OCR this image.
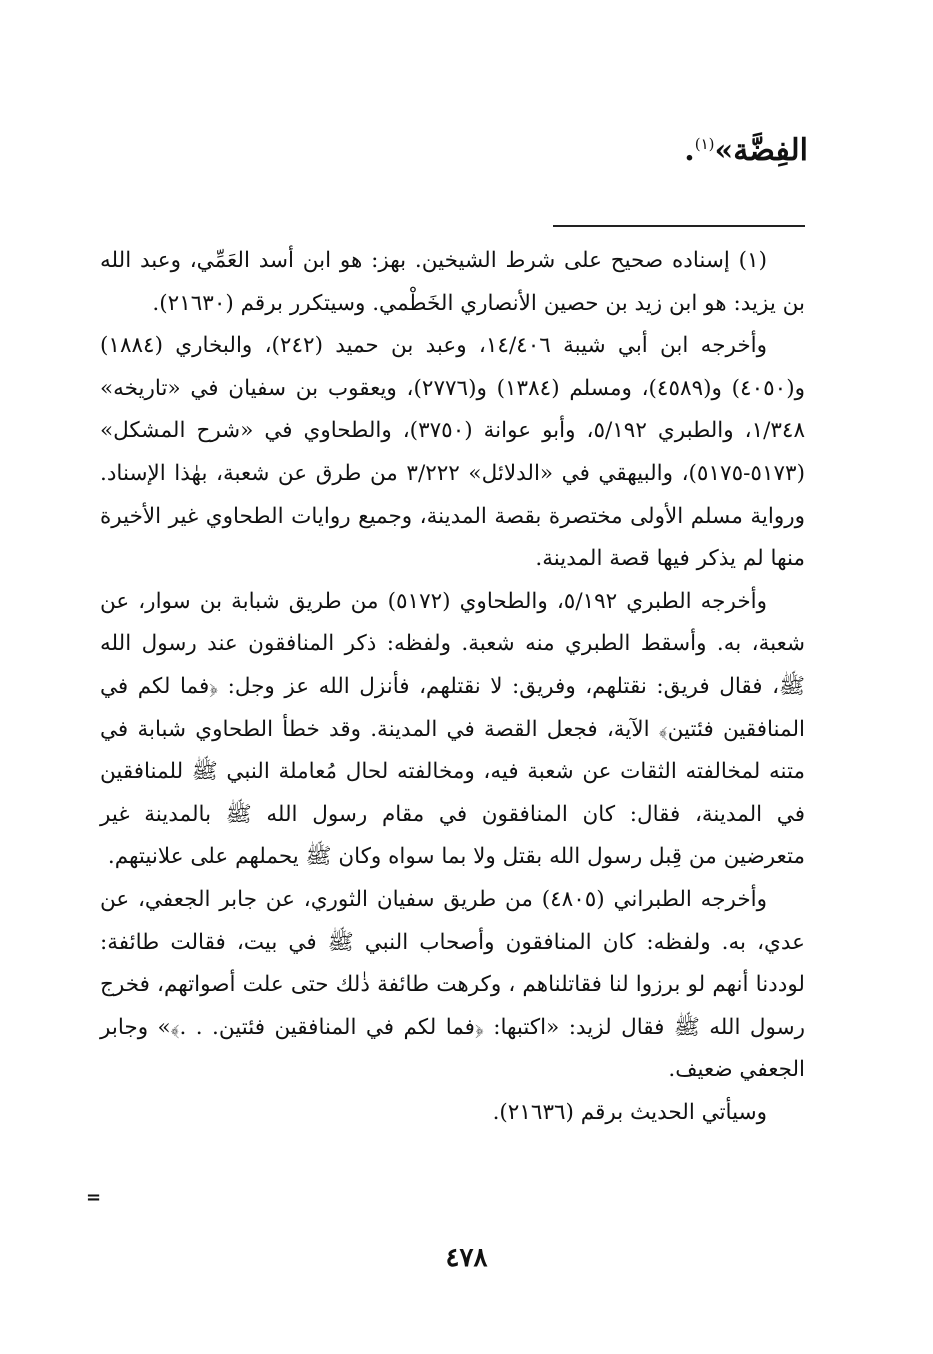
الفِضَّة»$^{(١)}$.

(١) إسناده صحيح على شرط الشيخين. بهز: هو ابن أسد العَمِّي، وعبد الله بن يزيد: هو ابن زيد بن حصين الأنصاري الخَطْمي. وسيتكرر برقم (٢١٦٣٠).

وأخرجه ابن أبي شيبة ١٤/٤٠٦، وعبد بن حميد (٢٤٢)، والبخاري (١٨٨٤) و(٤٠٥٠) و(٤٥٨٩)، ومسلم (١٣٨٤) و(٢٧٧٦)، ويعقوب بن سفيان في «تاريخه» ١/٣٤٨، والطبري ٥/١٩٢، وأبو عوانة (٣٧٥٠)، والطحاوي في «شرح المشكل» (٥١٧٣-٥١٧٥)، والبيهقي في «الدلائل» ٣/٢٢٢ من طرق عن شعبة، بهٰذا الإسناد. ورواية مسلم الأولى مختصرة بقصة المدينة، وجميع روايات الطحاوي غير الأخيرة منها لم يذكر فيها قصة المدينة.

وأخرجه الطبري ٥/١٩٢، والطحاوي (٥١٧٢) من طريق شبابة بن سوار، عن شعبة، به. وأسقط الطبري منه شعبة. ولفظه: ذكر المنافقون عند رسول الله ﷺ، فقال فريق: نقتلهم، وفريق: لا نقتلهم، فأنزل الله عز وجل: ﴿فما لكم في المنافقين فئتين﴾ الآية، فجعل القصة في المدينة. وقد خطأ الطحاوي شبابة في متنه لمخالفته الثقات عن شعبة فيه، ومخالفته لحال مُعاملة النبي ﷺ للمنافقين في المدينة، فقال: كان المنافقون في مقام رسول الله ﷺ بالمدينة غير متعرضين من قِبل رسول الله بقتل ولا بما سواه وكان ﷺ يحملهم على علانيتهم.

وأخرجه الطبراني (٤٨٠٥) من طريق سفيان الثوري، عن جابر الجعفي، عن عدي، به. ولفظه: كان المنافقون وأصحاب النبي ﷺ في بيت، فقالت طائفة: لوددنا أنهم لو برزوا لنا فقاتلناهم ، وكرهت طائفة ذٰلك حتى علت أصواتهم، فخرج رسول الله ﷺ فقال لزيد: «اكتبها: ﴿فما لكم في المنافقين فئتين. . .﴾» وجابر الجعفي ضعيف.

وسيأتي الحديث برقم (٢١٦٣٦).

=
٤٧٨
